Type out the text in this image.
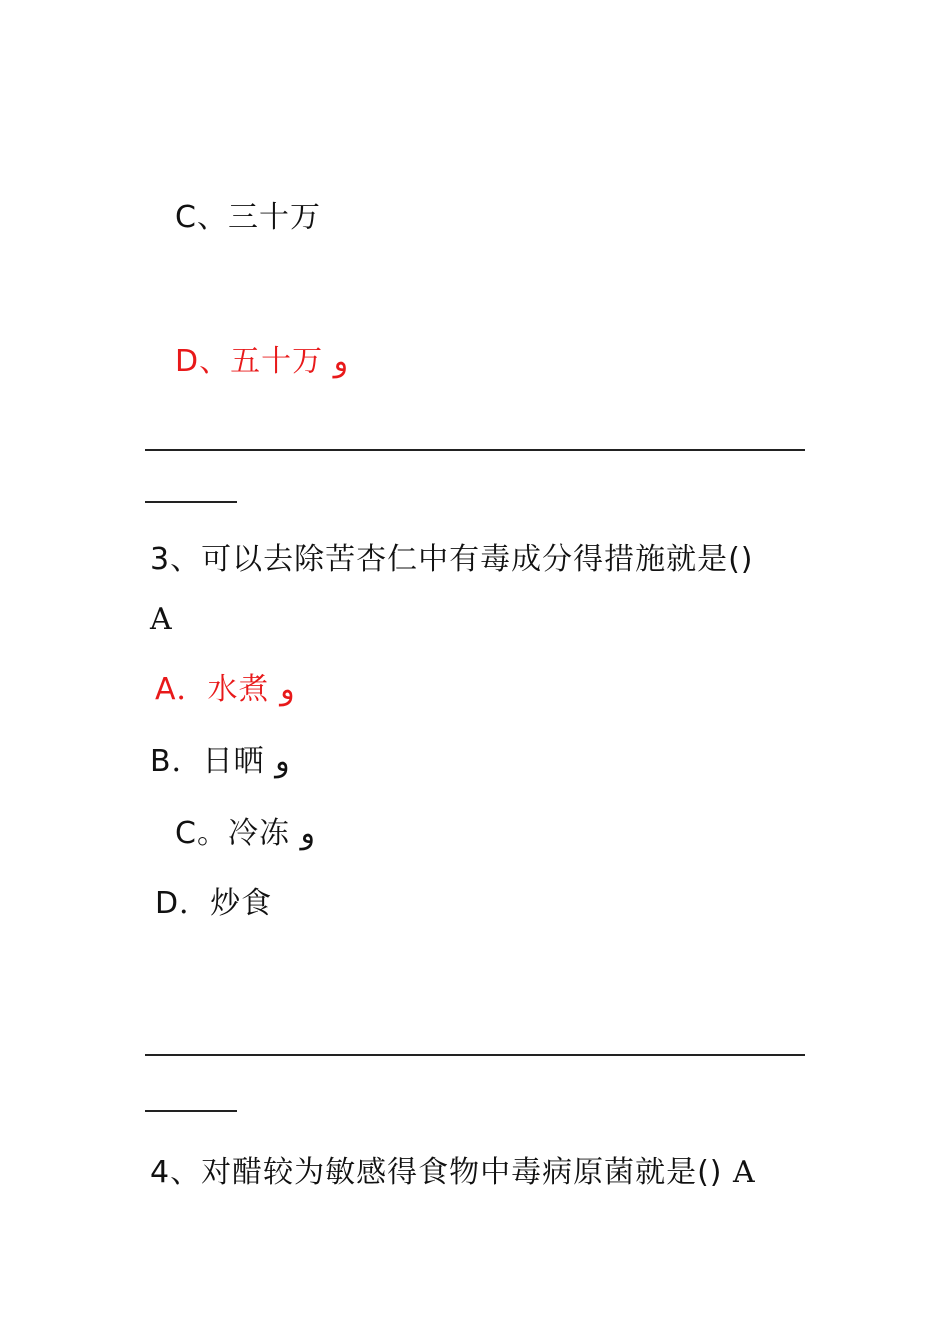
C、三十万
D、五十万 و
3、可以去除苦杏仁中有毒成分得措施就是()
A
A．水煮 و
B．日晒 و
C。冷冻 و
D．炒食
4、对醋较为敏感得食物中毒病原菌就是() A
